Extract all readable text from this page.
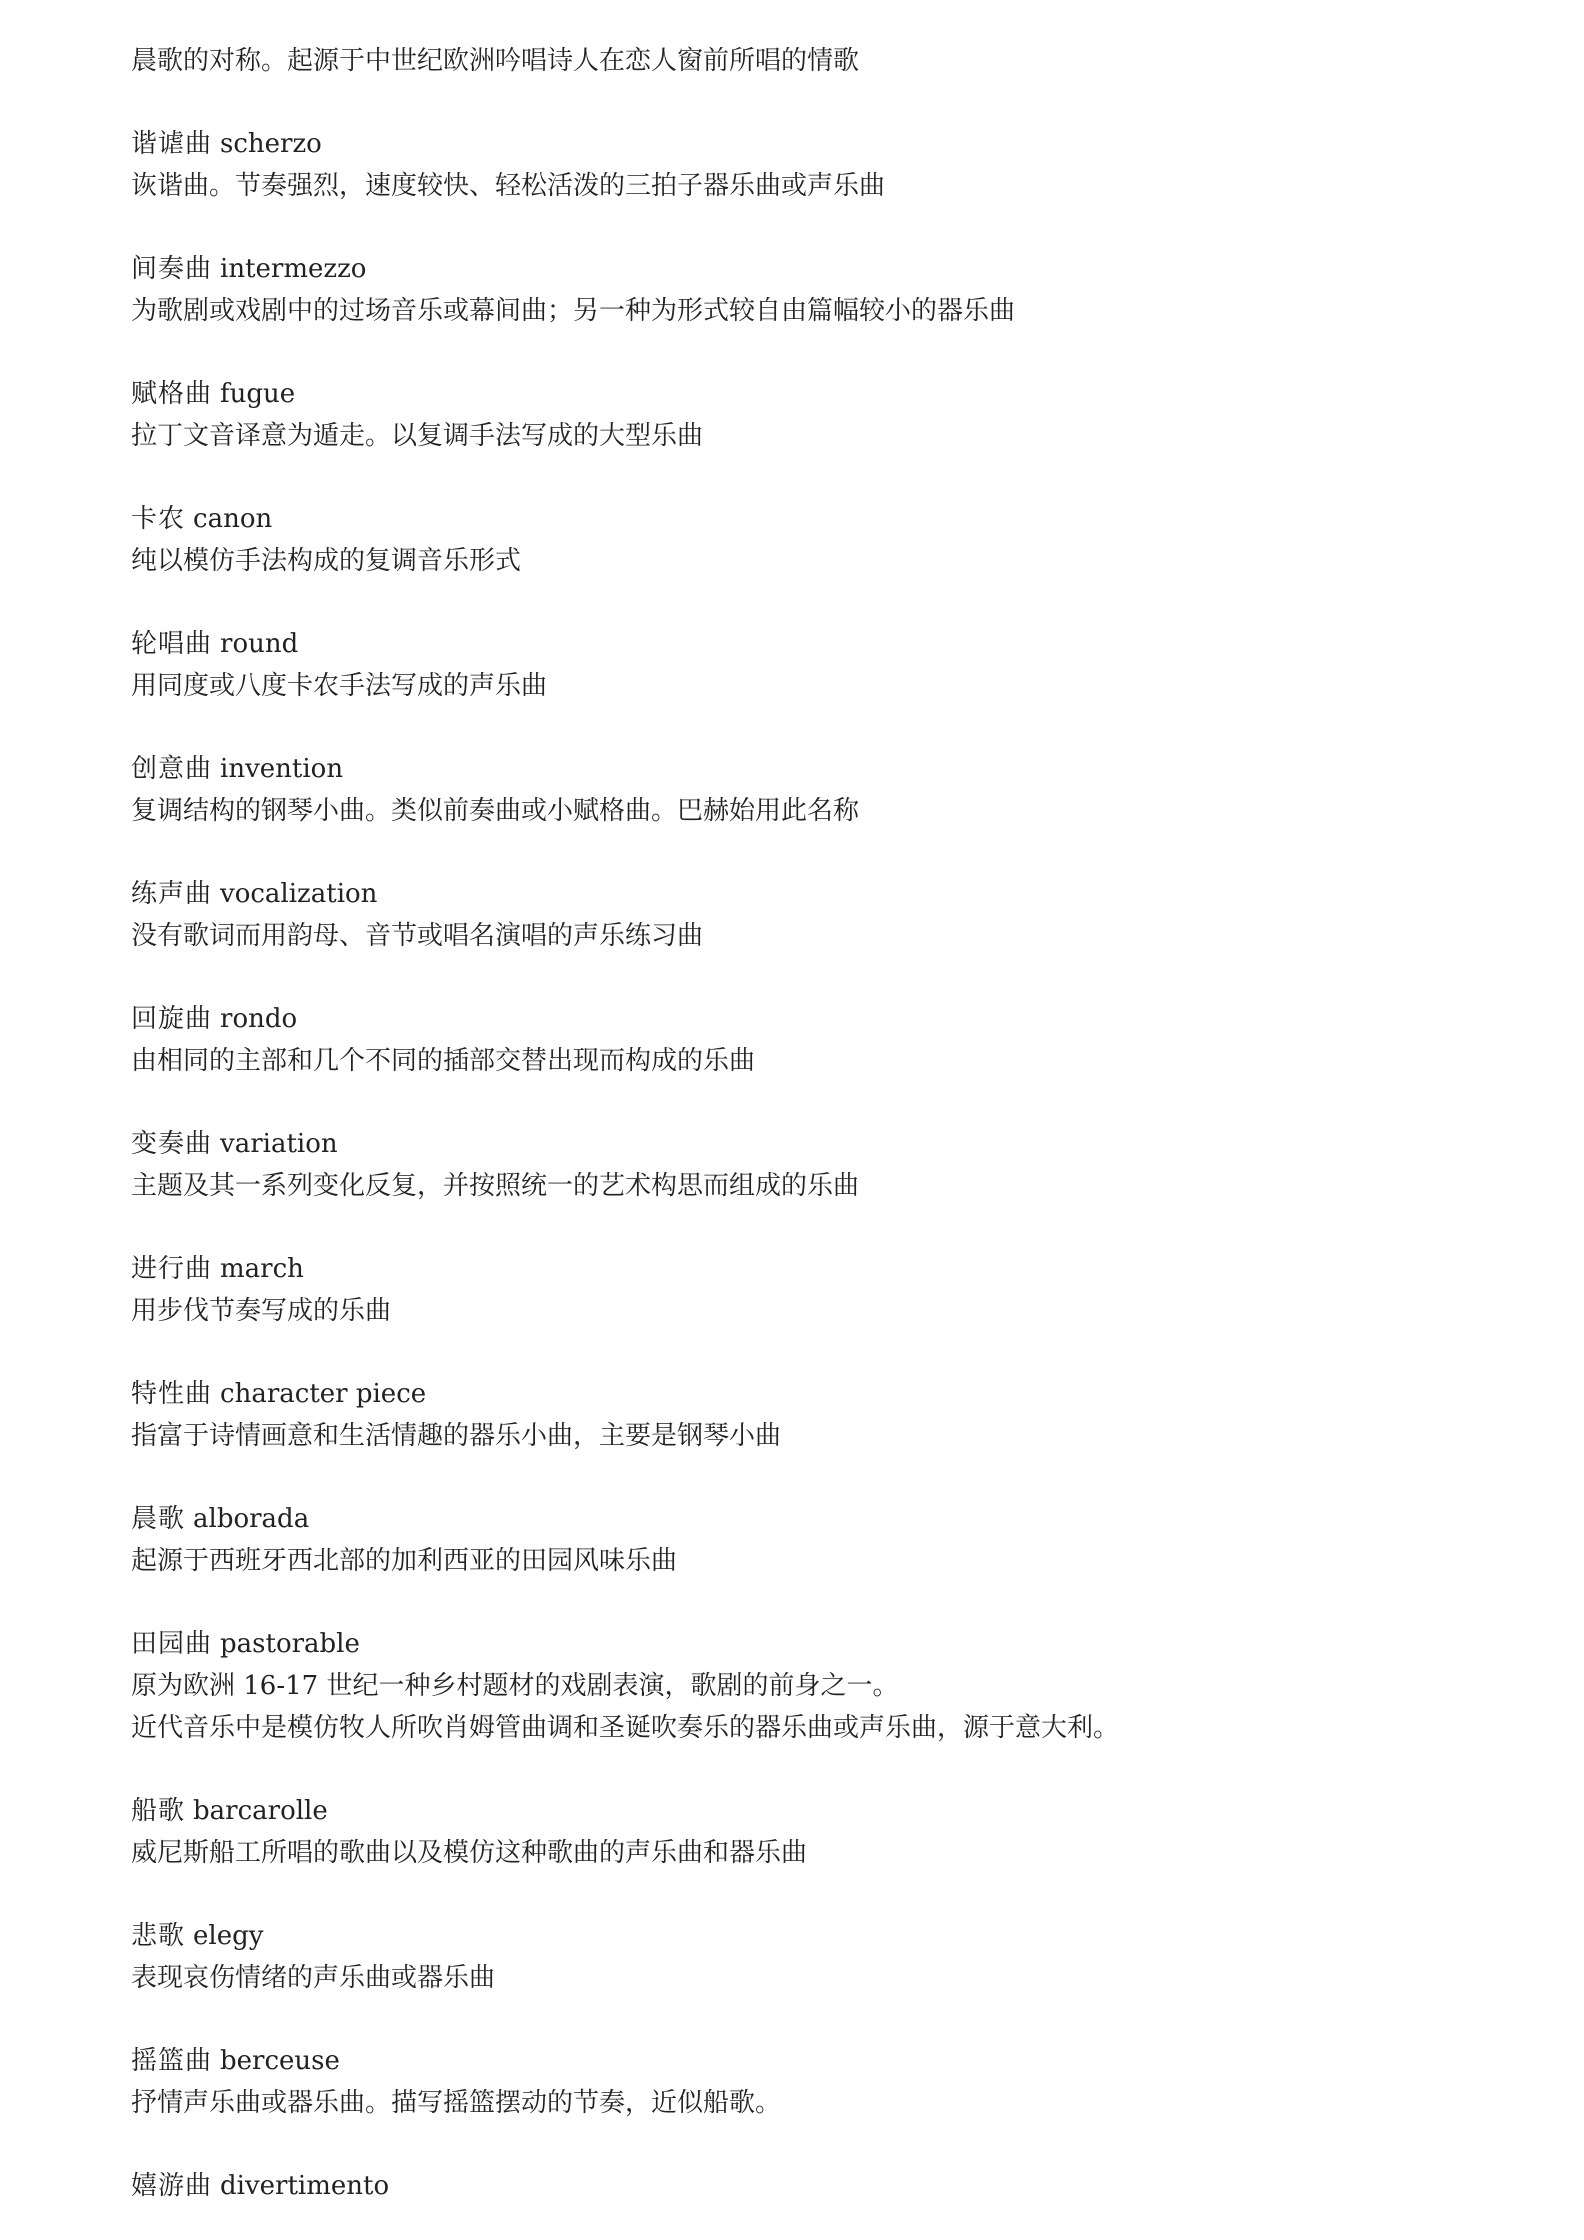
晨歌的对称。起源于中世纪欧洲吟唱诗人在恋人窗前所唱的情歌
谐谑曲 scherzo
诙谐曲。节奏强烈，速度较快、轻松活泼的三拍子器乐曲或声乐曲
间奏曲 intermezzo
为歌剧或戏剧中的过场音乐或幕间曲；另一种为形式较自由篇幅较小的器乐曲
赋格曲 fugue
拉丁文音译意为遁走。以复调手法写成的大型乐曲
卡农 canon
纯以模仿手法构成的复调音乐形式
轮唱曲 round
用同度或八度卡农手法写成的声乐曲
创意曲 invention
复调结构的钢琴小曲。类似前奏曲或小赋格曲。巴赫始用此名称
练声曲 vocalization
没有歌词而用韵母、音节或唱名演唱的声乐练习曲
回旋曲 rondo
由相同的主部和几个不同的插部交替出现而构成的乐曲
变奏曲 variation
主题及其一系列变化反复，并按照统一的艺术构思而组成的乐曲
进行曲 march
用步伐节奏写成的乐曲
特性曲 character piece
指富于诗情画意和生活情趣的器乐小曲，主要是钢琴小曲
晨歌 alborada
起源于西班牙西北部的加利西亚的田园风味乐曲
田园曲 pastorable
原为欧洲 16-17 世纪一种乡村题材的戏剧表演，歌剧的前身之一。
近代音乐中是模仿牧人所吹肖姆管曲调和圣诞吹奏乐的器乐曲或声乐曲，源于意大利。
船歌 barcarolle
威尼斯船工所唱的歌曲以及模仿这种歌曲的声乐曲和器乐曲
悲歌 elegy
表现哀伤情绪的声乐曲或器乐曲
摇篮曲 berceuse
抒情声乐曲或器乐曲。描写摇篮摆动的节奏，近似船歌。
嬉游曲 divertimento
